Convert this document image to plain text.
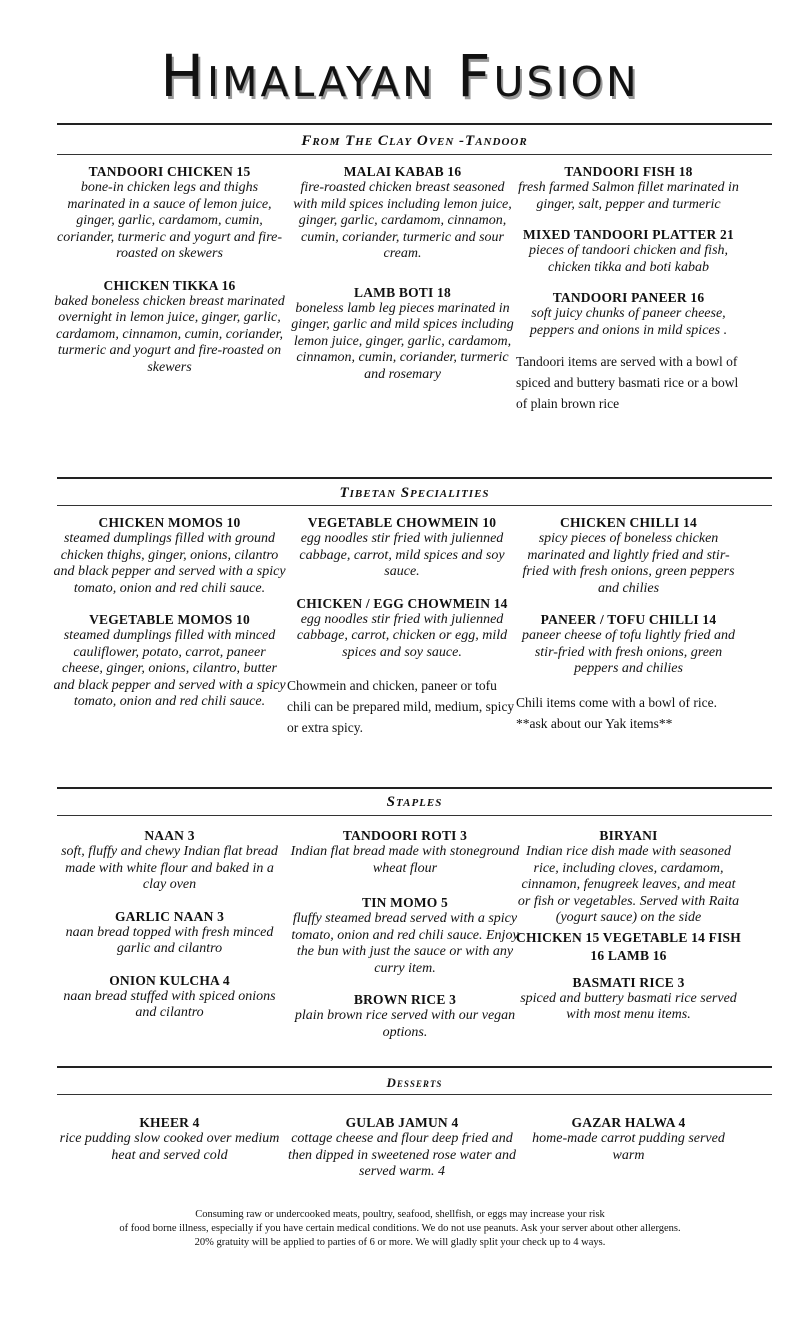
Himalayan Fusion
From The Clay Oven -Tandoor
TANDOORI CHICKEN 15
bone-in chicken legs and thighs marinated in a sauce of lemon juice, ginger, garlic, cardamom, cumin, coriander, turmeric and yogurt and fire-roasted on skewers
CHICKEN TIKKA 16
baked boneless chicken breast marinated overnight in lemon juice, ginger, garlic, cardamom, cinnamon, cumin, coriander, turmeric and yogurt and fire-roasted on skewers
MALAI KABAB 16
fire-roasted chicken breast seasoned with mild spices including lemon juice, ginger, garlic, cardamom, cinnamon, cumin, coriander, turmeric and sour cream.
LAMB BOTI 18
boneless lamb leg pieces marinated in ginger, garlic and mild spices including lemon juice, ginger, garlic, cardamom, cinnamon, cumin, coriander, turmeric and rosemary
TANDOORI FISH 18
fresh farmed Salmon fillet marinated in ginger, salt, pepper and turmeric
MIXED TANDOORI PLATTER 21
pieces of tandoori chicken and fish, chicken tikka and boti kabab
TANDOORI PANEER 16
soft juicy chunks of paneer cheese, peppers and onions in mild spices .
Tandoori items are served with a bowl of spiced and buttery basmati rice or a bowl of plain brown rice
Tibetan Specialities
CHICKEN MOMOS 10
steamed dumplings filled with ground chicken thighs, ginger, onions, cilantro and black pepper and served with a spicy tomato, onion and red chili sauce.
VEGETABLE MOMOS 10
steamed dumplings filled with minced cauliflower, potato, carrot, paneer cheese, ginger, onions, cilantro, butter and black pepper and served with a spicy tomato, onion and red chili sauce.
VEGETABLE CHOWMEIN 10
egg noodles stir fried with julienned cabbage, carrot, mild spices and soy sauce.
CHICKEN / EGG CHOWMEIN 14
egg noodles stir fried with julienned cabbage, carrot, chicken or egg, mild spices and soy sauce.
Chowmein and chicken, paneer or tofu chili can be prepared mild, medium, spicy or extra spicy.
CHICKEN CHILLI 14
spicy pieces of boneless chicken marinated and lightly fried and stir-fried with fresh onions, green peppers and chilies
PANEER / TOFU CHILLI 14
paneer cheese of tofu lightly fried and stir-fried with fresh onions, green peppers and chilies
Chili items come with a bowl of rice. **ask about our Yak items**
Staples
NAAN 3
soft, fluffy and chewy Indian flat bread made with white flour and baked in a clay oven
GARLIC NAAN 3
naan bread topped with fresh minced garlic and cilantro
ONION KULCHA 4
naan bread stuffed with spiced onions and cilantro
TANDOORI ROTI 3
Indian flat bread made with stoneground wheat flour
TIN MOMO 5
fluffy steamed bread served with a spicy tomato, onion and red chili sauce. Enjoy the bun with just the sauce or with any curry item.
BROWN RICE 3
plain brown rice served with our vegan options.
BIRYANI
Indian rice dish made with seasoned rice, including cloves, cardamom, cinnamon, fenugreek leaves, and meat or fish or vegetables. Served with Raita (yogurt sauce) on the side
CHICKEN 15 VEGETABLE 14 FISH 16 LAMB 16
BASMATI RICE 3
spiced and buttery basmati rice served with most menu items.
Desserts
KHEER 4
rice pudding slow cooked over medium heat and served cold
GULAB JAMUN 4
cottage cheese and flour deep fried and then dipped in sweetened rose water and served warm. 4
GAZAR HALWA 4
home-made carrot pudding served warm
Consuming raw or undercooked meats, poultry, seafood, shellfish, or eggs may increase your risk
of food borne illness, especially if you have certain medical conditions. We do not use peanuts. Ask your server about other allergens.
20% gratuity will be applied to parties of 6 or more. We will gladly split your check up to 4 ways.
